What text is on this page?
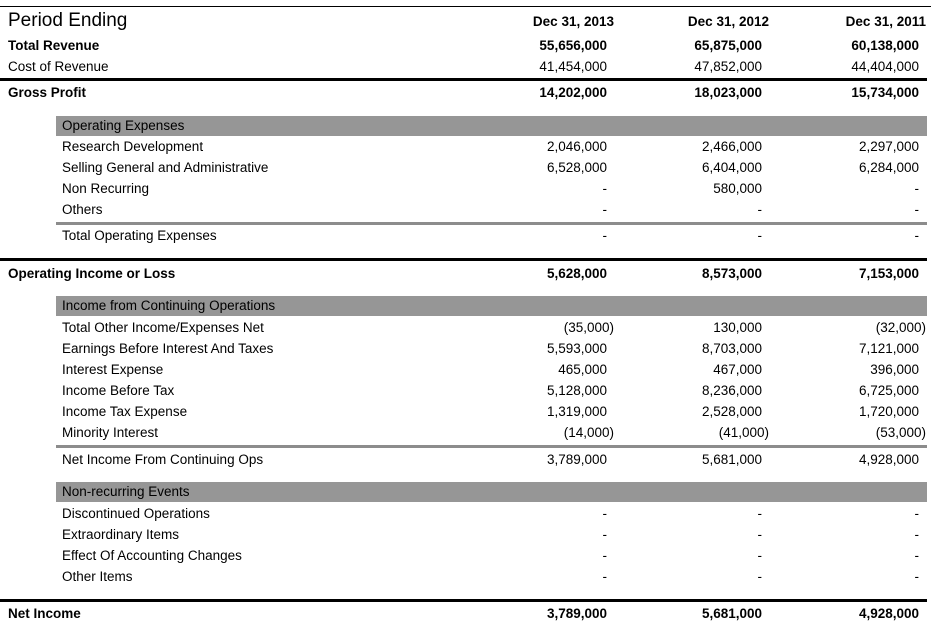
Period Ending	Dec 31, 2013	Dec 31, 2012	Dec 31, 2011
Total Revenue	55,656,000	65,875,000	60,138,000
Cost of Revenue	41,454,000	47,852,000	44,404,000
Gross Profit	14,202,000	18,023,000	15,734,000
Operating Expenses
Research Development	2,046,000	2,466,000	2,297,000
Selling General and Administrative	6,528,000	6,404,000	6,284,000
Non Recurring	-	580,000	-
Others	-	-	-
Total Operating Expenses	-	-	-
Operating Income or Loss	5,628,000	8,573,000	7,153,000
Income from Continuing Operations
Total Other Income/Expenses Net	(35,000)	130,000	(32,000)
Earnings Before Interest And Taxes	5,593,000	8,703,000	7,121,000
Interest Expense	465,000	467,000	396,000
Income Before Tax	5,128,000	8,236,000	6,725,000
Income Tax Expense	1,319,000	2,528,000	1,720,000
Minority Interest	(14,000)	(41,000)	(53,000)
Net Income From Continuing Ops	3,789,000	5,681,000	4,928,000
Non-recurring Events
Discontinued Operations	-	-	-
Extraordinary Items	-	-	-
Effect Of Accounting Changes	-	-	-
Other Items	-	-	-
Net Income	3,789,000	5,681,000	4,928,000
